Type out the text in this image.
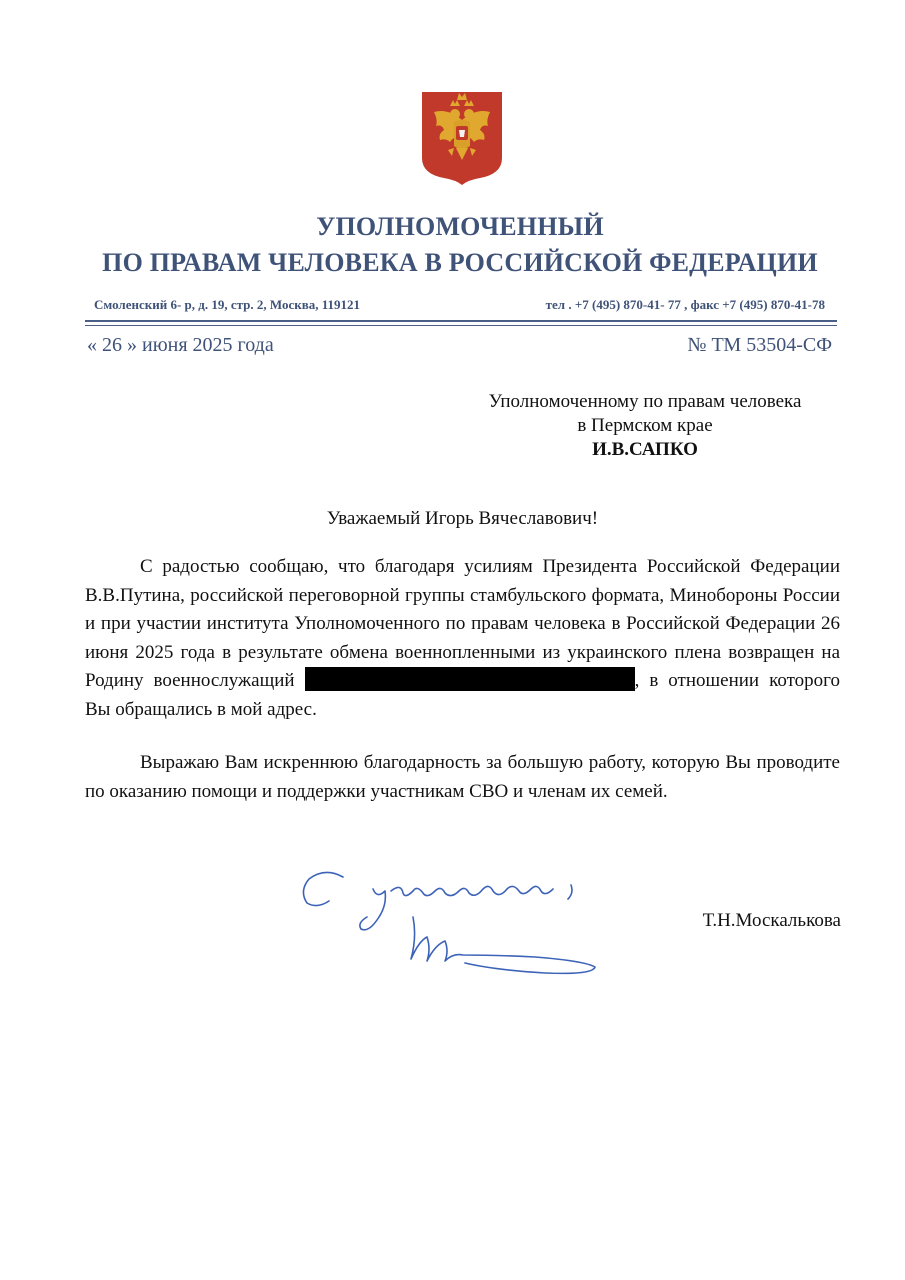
УПОЛНОМОЧЕННЫЙ
ПО ПРАВАМ ЧЕЛОВЕКА В РОССИЙСКОЙ ФЕДЕРАЦИИ
Смоленский 6- р, д. 19, стр. 2, Москва, 119121	тел . +7 (495) 870-41- 77 , факс +7 (495) 870-41-78
« 26 » июня 2025 года	№ ТМ 53504-СФ
Уполномоченному по правам человека
в Пермском крае
И.В.САПКО
Уважаемый Игорь Вячеславович!

С радостью сообщаю, что благодаря усилиям Президента Российской Федерации В.В.Путина, российской переговорной группы стамбульского формата, Минобороны России и при участии института Уполномоченного по правам человека в Российской Федерации 26 июня 2025 года в результате обмена военнопленными из украинского плена возвращен на Родину военнослужащий	, в отношении которого Вы обращались в мой адрес.

Выражаю Вам искреннюю благодарность за большую работу, которую Вы проводите по оказанию помощи и поддержки участникам СВО и членам их семей.

Т.Н.Москалькова
